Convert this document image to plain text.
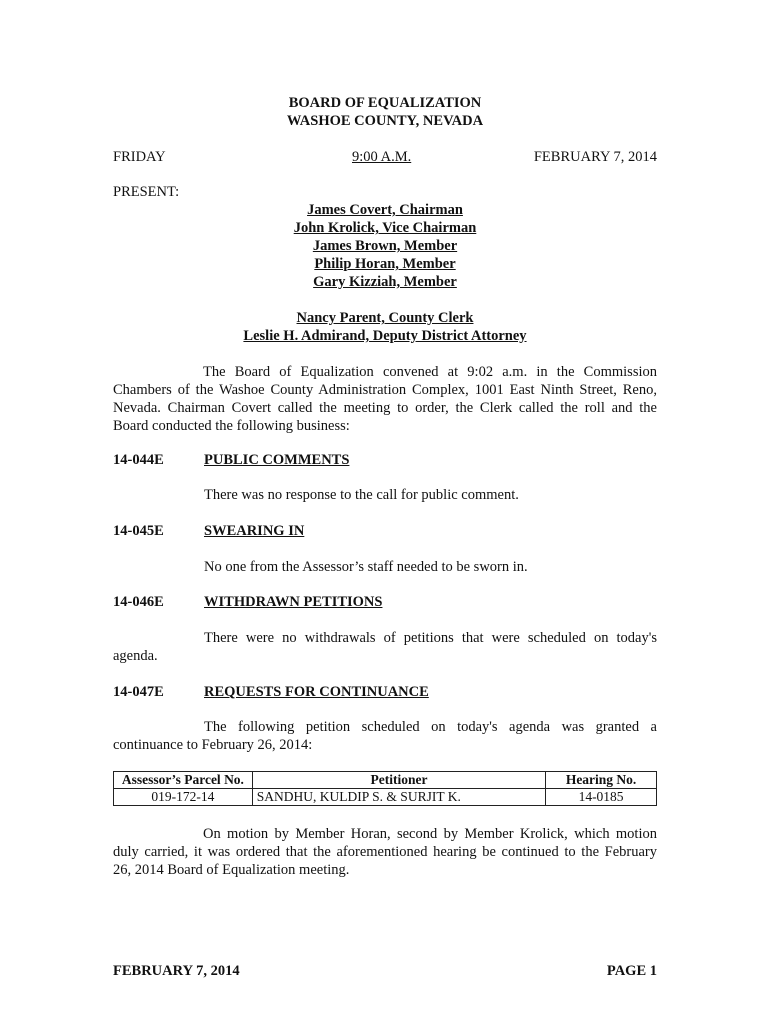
BOARD OF EQUALIZATION
WASHOE COUNTY, NEVADA
FRIDAY	9:00 A.M.	FEBRUARY 7, 2014
PRESENT:
James Covert, Chairman
John Krolick, Vice Chairman
James Brown, Member
Philip Horan, Member
Gary Kizziah, Member
Nancy Parent, County Clerk
Leslie H. Admirand, Deputy District Attorney
The Board of Equalization convened at 9:02 a.m. in the Commission
Chambers of the Washoe County Administration Complex, 1001 East Ninth Street, Reno,
Nevada. Chairman Covert called the meeting to order, the Clerk called the roll and the
Board conducted the following business:
14-044E	PUBLIC COMMENTS
There was no response to the call for public comment.
14-045E	SWEARING IN
No one from the Assessor’s staff needed to be sworn in.
14-046E	WITHDRAWN PETITIONS
There were no withdrawals of petitions that were scheduled on today's
agenda.
14-047E	REQUESTS FOR CONTINUANCE
The following petition scheduled on today's agenda was granted a
continuance to February 26, 2014:
Assessor’s Parcel No.	Petitioner	Hearing No.
019-172-14	SANDHU, KULDIP S. & SURJIT K.	14-0185
On motion by Member Horan, second by Member Krolick, which motion
duly carried, it was ordered that the aforementioned hearing be continued to the February
26, 2014 Board of Equalization meeting.
FEBRUARY 7, 2014	PAGE 1
